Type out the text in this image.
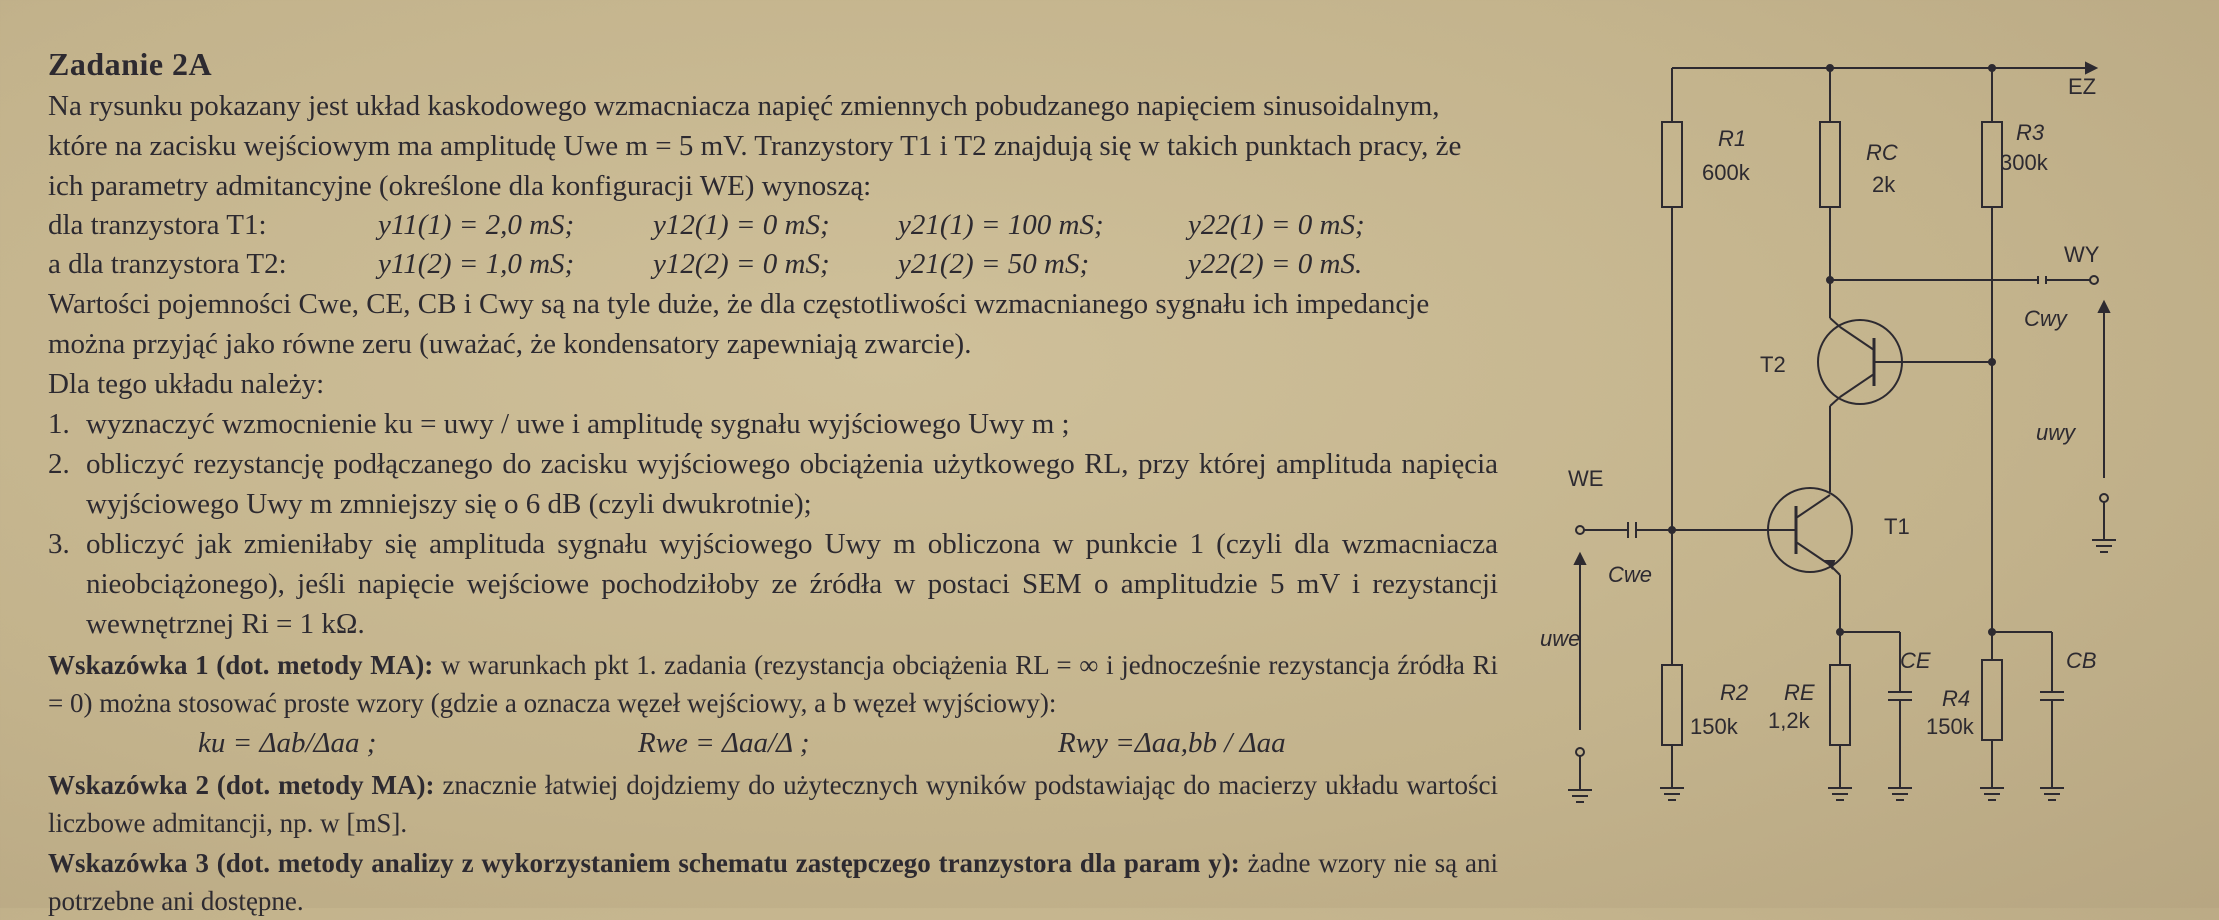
Zadanie 2A
Na rysunku pokazany jest układ kaskodowego wzmacniacza napięć zmiennych pobudzanego napięciem sinusoidalnym, które na zacisku wejściowym ma amplitudę Uwe m = 5 mV. Tranzystory T1 i T2 znajdują się w takich punktach pracy, że ich parametry admitancyjne (określone dla konfiguracji WE) wynoszą:
dla tranzystora T1:	y11(1) = 2,0 mS;	y12(1) = 0 mS;	y21(1) = 100 mS;	y22(1) = 0 mS;
a dla tranzystora T2:	y11(2) = 1,0 mS;	y12(2) = 0 mS;	y21(2) = 50 mS;	y22(2) = 0 mS.
Wartości pojemności Cwe, CE, CB i Cwy są na tyle duże, że dla częstotliwości wzmacnianego sygnału ich impedancje można przyjąć jako równe zeru (uważać, że kondensatory zapewniają zwarcie).
Dla tego układu należy:
1. wyznaczyć wzmocnienie ku = uwy / uwe i amplitudę sygnału wyjściowego Uwy m ;
2. obliczyć rezystancję podłączanego do zacisku wyjściowego obciążenia użytkowego RL, przy której amplituda napięcia wyjściowego Uwy m zmniejszy się o 6 dB (czyli dwukrotnie);
3. obliczyć jak zmieniłaby się amplituda sygnału wyjściowego Uwy m obliczona w punkcie 1 (czyli dla wzmacniacza nieobciążonego), jeśli napięcie wejściowe pochodziłoby ze źródła w postaci SEM o amplitudzie 5 mV i rezystancji wewnętrznej Ri = 1 kΩ.
Wskazówka 1 (dot. metody MA): w warunkach pkt 1. zadania (rezystancja obciążenia RL = ∞ i jednocześnie rezystancja źródła Ri = 0) można stosować proste wzory (gdzie a oznacza węzeł wejściowy, a b węzeł wyjściowy):
ku = Δab/Δaa ;	Rwe = Δaa/Δ ;	Rwy =Δaa,bb / Δaa
Wskazówka 2 (dot. metody MA): znacznie łatwiej dojdziemy do użytecznych wyników podstawiając do macierzy układu wartości liczbowe admitancji, np. w [mS].
Wskazówka 3 (dot. metody analizy z wykorzystaniem schematu zastępczego tranzystora dla param y): żadne wzory nie są ani potrzebne ani dostępne.
EZ
R1
600k
RC
2k
R3
300k
WY
Cwy
T2
uwy
WE
T1
Cwe
uwe
CE	CB
R2
150k
RE
1,2k
R4
150k
